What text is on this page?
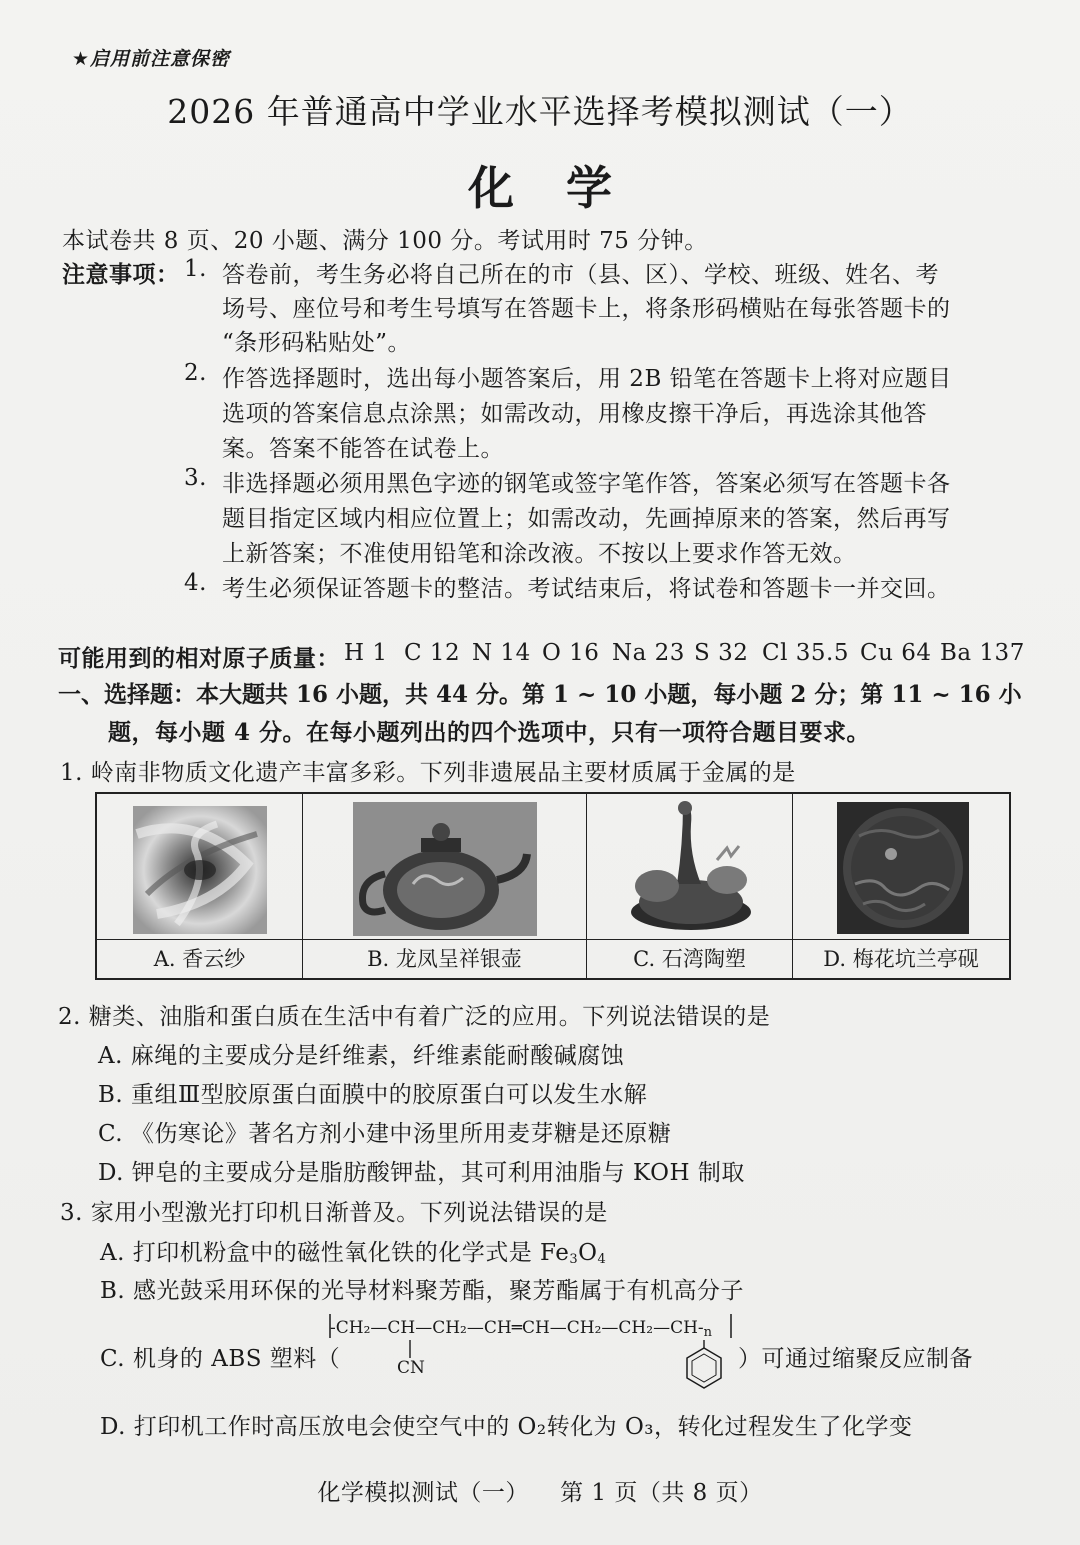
★启用前注意保密
2026 年普通高中学业水平选择考模拟测试（一）
化学
本试卷共 8 页、20 小题、满分 100 分。考试用时 75 分钟。
注意事项： 1. 答卷前，考生务必将自己所在的市（县、区）、学校、班级、姓名、考
场号、座位号和考生号填写在答题卡上，将条形码横贴在每张答题卡的
“条形码粘贴处”。
2. 作答选择题时，选出每小题答案后，用 2B 铅笔在答题卡上将对应题目
选项的答案信息点涂黑；如需改动，用橡皮擦干净后，再选涂其他答
案。答案不能答在试卷上。
3. 非选择题必须用黑色字迹的钢笔或签字笔作答，答案必须写在答题卡各
题目指定区域内相应位置上；如需改动，先画掉原来的答案，然后再写
上新答案；不准使用铅笔和涂改液。不按以上要求作答无效。
4. 考生必须保证答题卡的整洁。考试结束后，将试卷和答题卡一并交回。
可能用到的相对原子质量： H 1 C 12 N 14 O 16 Na 23 S 32 Cl 35.5 Cu 64 Ba 137
一、选择题：本大题共 16 小题，共 44 分。第 1 ~ 10 小题，每小题 2 分；第 11 ~ 16 小
题，每小题 4 分。在每小题列出的四个选项中，只有一项符合题目要求。
1. 岭南非物质文化遗产丰富多彩。下列非遗展品主要材质属于金属的是
A. 香云纱	B. 龙凤呈祥银壶	C. 石湾陶塑	D. 梅花坑兰亭砚
2. 糖类、油脂和蛋白质在生活中有着广泛的应用。下列说法错误的是
A. 麻绳的主要成分是纤维素，纤维素能耐酸碱腐蚀
B. 重组Ⅲ型胶原蛋白面膜中的胶原蛋白可以发生水解
C. 《伤寒论》著名方剂小建中汤里所用麦芽糖是还原糖
D. 钾皂的主要成分是脂肪酸钾盐，其可利用油脂与 KOH 制取
3. 家用小型激光打印机日渐普及。下列说法错误的是
A. 打印机粉盒中的磁性氧化铁的化学式是 $Fe_3O_4$
B. 感光鼓采用环保的光导材料聚芳酯，聚芳酯属于有机高分子
C. 机身的 ABS 塑料（
$-CH_2—CH—CH_2—CH═CH—CH_2—CH_2—CH-_n$
CN	）可通过缩聚反应制备
D. 打印机工作时高压放电会使空气中的 O₂转化为 O₃，转化过程发生了化学变
化学模拟测试（一）    第 1 页（共 8 页）
